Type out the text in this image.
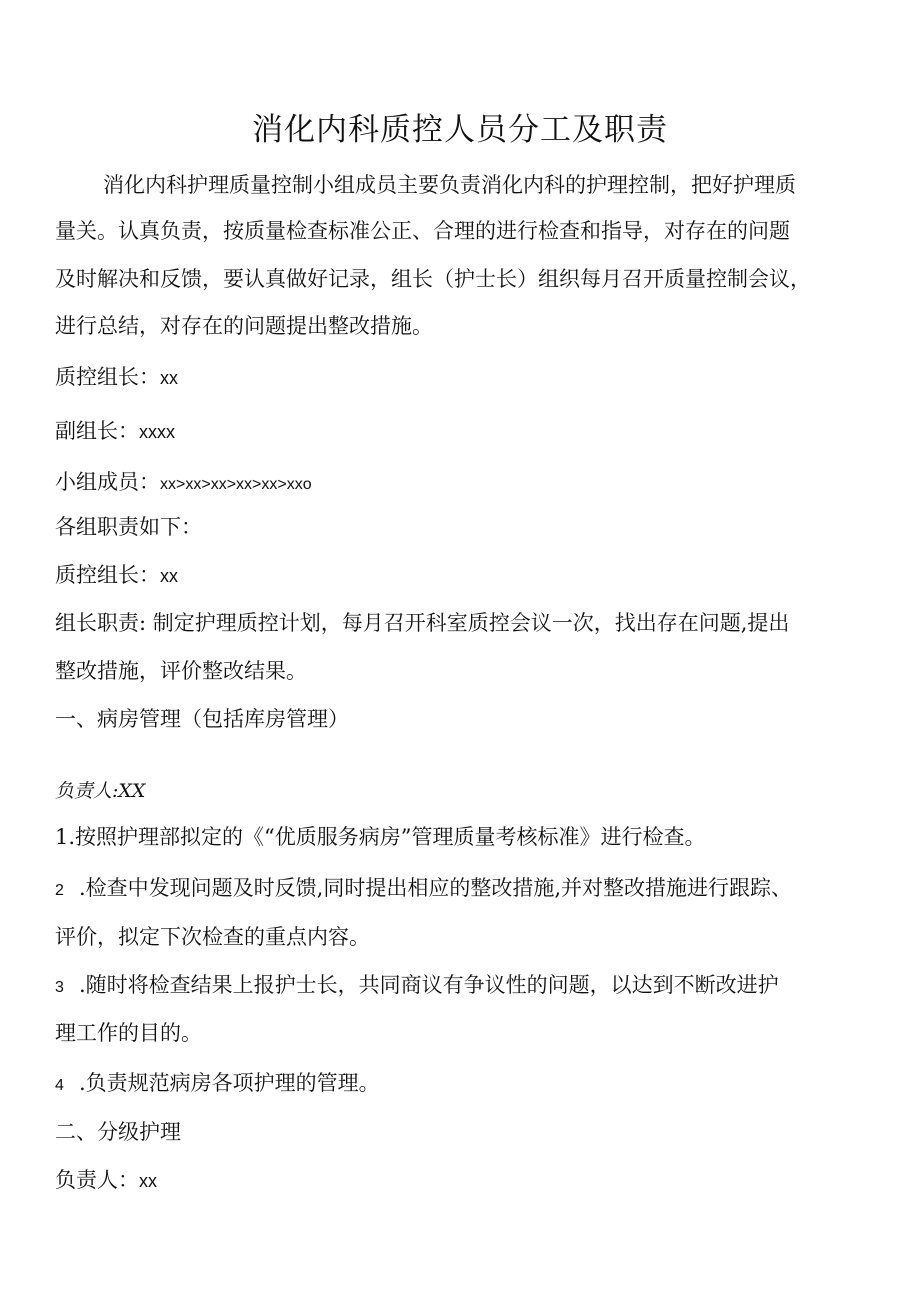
消化内科质控人员分工及职责
消化内科护理质量控制小组成员主要负责消化内科的护理控制，把好护理质
量关。认真负责，按质量检查标准公正、合理的进行检查和指导，对存在的问题
及时解决和反馈，要认真做好记录，组长（护士长）组织每月召开质量控制会议，
进行总结，对存在的问题提出整改措施。
质控组长：xx
副组长：xxxx
小组成员：xx>xx>xx>xx>xx>xxo
各组职责如下：
质控组长：xx
组长职责: 制定护理质控计划，每月召开科室质控会议一次，找出存在问题,提出
整改措施，评价整改结果。
一、病房管理（包括库房管理）
负责人:XX
1.按照护理部拟定的《“优质服务病房”管理质量考核标准》进行检查。
2 .检查中发现问题及时反馈,同时提出相应的整改措施,并对整改措施进行跟踪、
评价，拟定下次检查的重点内容。
3 .随时将检查结果上报护士长，共同商议有争议性的问题，以达到不断改进护
理工作的目的。
4 .负责规范病房各项护理的管理。
二、分级护理
负责人：xx
